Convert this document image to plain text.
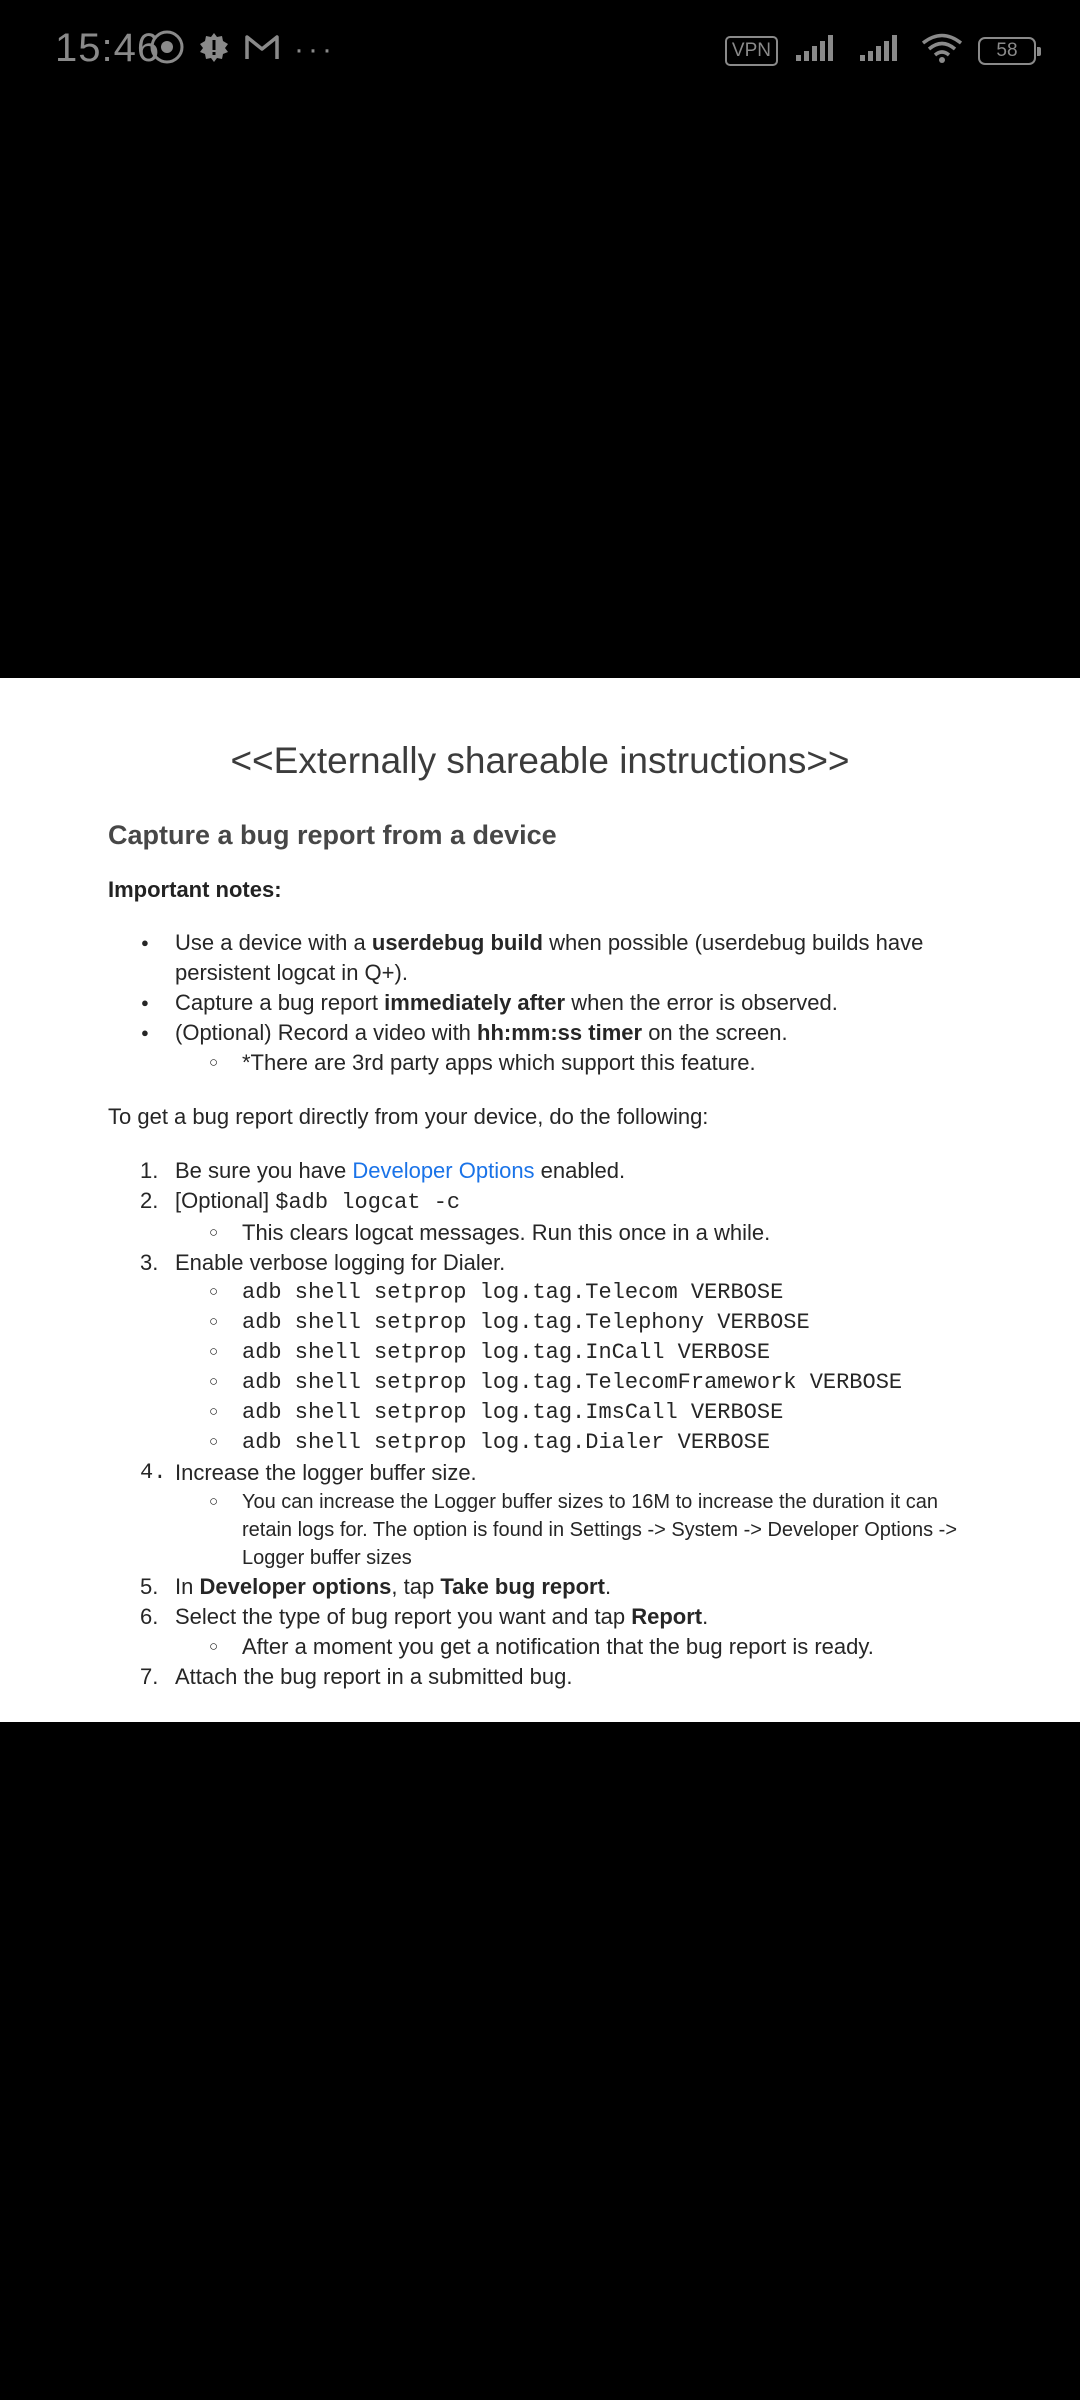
15:46	···	VPN	58
<<Externally shareable instructions>>
Capture a bug report from a device
Important notes:
● Use a device with a userdebug build when possible (userdebug builds have persistent logcat in Q+).
● Capture a bug report immediately after when the error is observed.
● (Optional) Record a video with hh:mm:ss timer on the screen.
○ *There are 3rd party apps which support this feature.
To get a bug report directly from your device, do the following:
1. Be sure you have Developer Options enabled.
2. [Optional] $adb logcat -c
○ This clears logcat messages. Run this once in a while.
3. Enable verbose logging for Dialer.
○ adb shell setprop log.tag.Telecom VERBOSE
○ adb shell setprop log.tag.Telephony VERBOSE
○ adb shell setprop log.tag.InCall VERBOSE
○ adb shell setprop log.tag.TelecomFramework VERBOSE
○ adb shell setprop log.tag.ImsCall VERBOSE
○ adb shell setprop log.tag.Dialer VERBOSE
4. Increase the logger buffer size.
○ You can increase the Logger buffer sizes to 16M to increase the duration it can retain logs for. The option is found in Settings -> System -> Developer Options -> Logger buffer sizes
5. In Developer options, tap Take bug report.
6. Select the type of bug report you want and tap Report.
○ After a moment you get a notification that the bug report is ready.
7. Attach the bug report in a submitted bug.
